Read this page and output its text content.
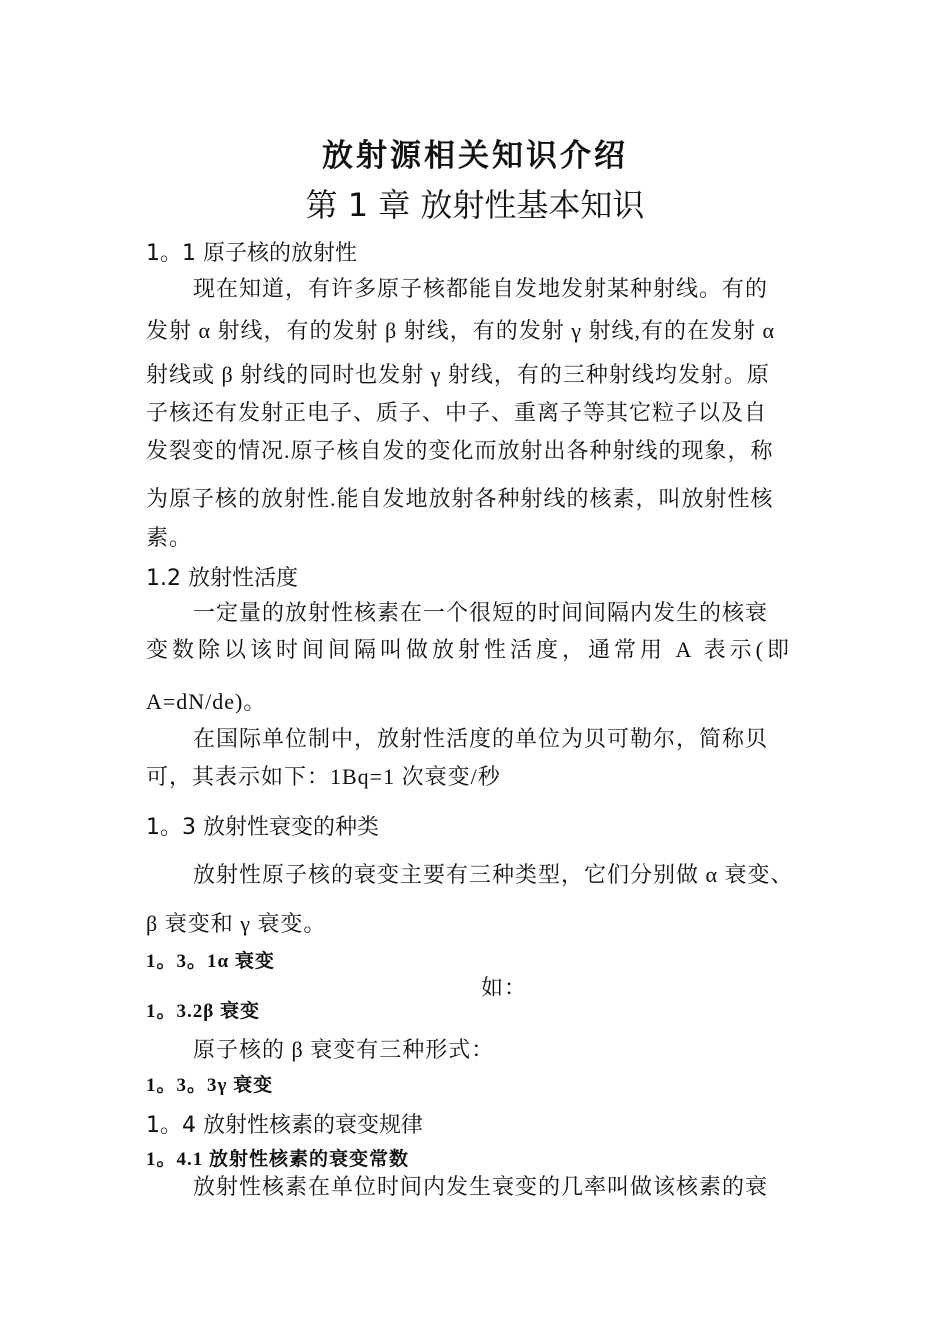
放射源相关知识介绍
第 1 章 放射性基本知识
1。1 原子核的放射性
现在知道，有许多原子核都能自发地发射某种射线。有的
发射 α 射线，有的发射 β 射线，有的发射 γ 射线,有的在发射 α
射线或 β 射线的同时也发射 γ 射线，有的三种射线均发射。原
子核还有发射正电子、质子、中子、重离子等其它粒子以及自
发裂变的情况.原子核自发的变化而放射出各种射线的现象，称
为原子核的放射性.能自发地放射各种射线的核素，叫放射性核
素。
1.2 放射性活度
一定量的放射性核素在一个很短的时间间隔内发生的核衰
变数除以该时间间隔叫做放射性活度，通常用 A 表示(即
A=dN/de)。
在国际单位制中，放射性活度的单位为贝可勒尔，简称贝
可，其表示如下：1Bq=1 次衰变/秒
1。3 放射性衰变的种类
放射性原子核的衰变主要有三种类型，它们分别做 α 衰变、
β 衰变和 γ 衰变。
1。3。1α 衰变
如：
1。3.2β 衰变
原子核的 β 衰变有三种形式：
1。3。3γ 衰变
1。4 放射性核素的衰变规律
1。4.1 放射性核素的衰变常数
放射性核素在单位时间内发生衰变的几率叫做该核素的衰
